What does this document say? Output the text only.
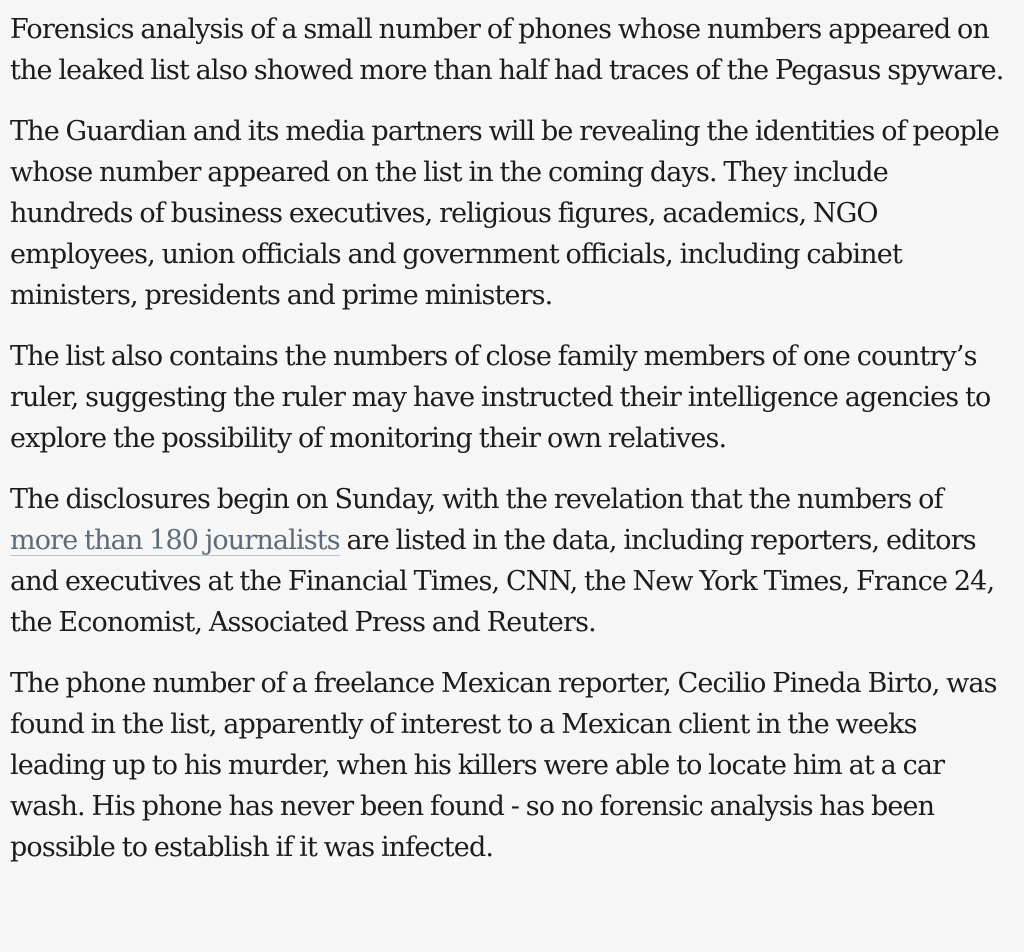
Forensics analysis of a small number of phones whose numbers appeared on the leaked list also showed more than half had traces of the Pegasus spyware.

The Guardian and its media partners will be revealing the identities of people whose number appeared on the list in the coming days. They include hundreds of business executives, religious figures, academics, NGO employees, union officials and government officials, including cabinet ministers, presidents and prime ministers.

The list also contains the numbers of close family members of one country’s ruler, suggesting the ruler may have instructed their intelligence agencies to explore the possibility of monitoring their own relatives.

The disclosures begin on Sunday, with the revelation that the numbers of more than 180 journalists are listed in the data, including reporters, editors and executives at the Financial Times, CNN, the New York Times, France 24, the Economist, Associated Press and Reuters.

The phone number of a freelance Mexican reporter, Cecilio Pineda Birto, was found in the list, apparently of interest to a Mexican client in the weeks leading up to his murder, when his killers were able to locate him at a car wash. His phone has never been found - so no forensic analysis has been possible to establish if it was infected.
